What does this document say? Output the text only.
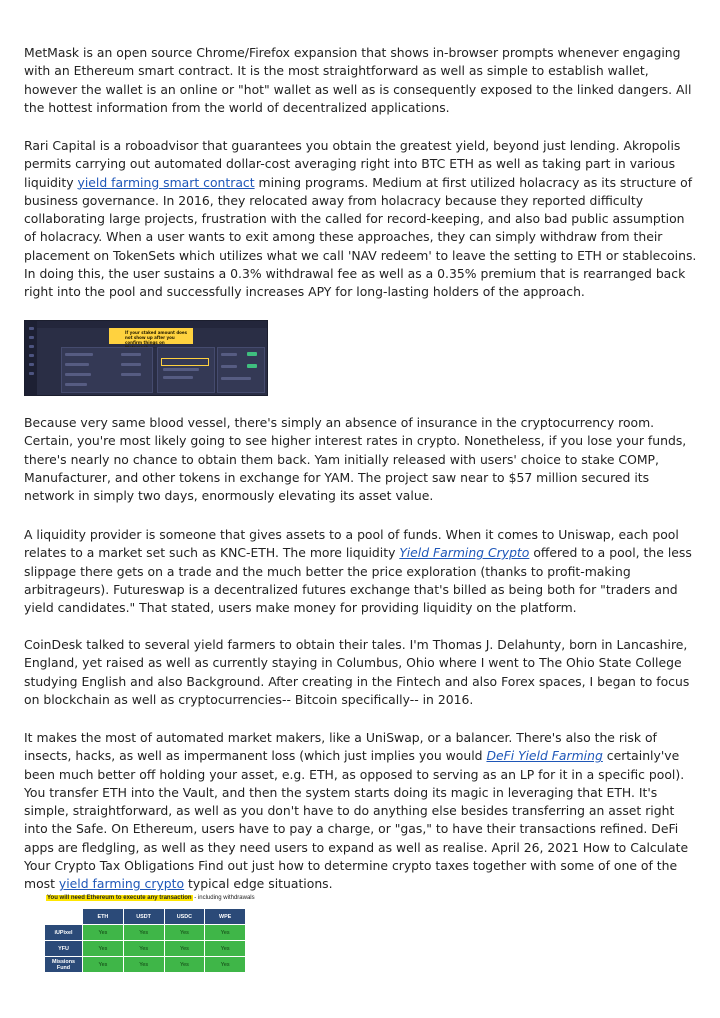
MetMask is an open source Chrome/Firefox expansion that shows in-browser prompts whenever engaging with an Ethereum smart contract. It is the most straightforward as well as simple to establish wallet, however the wallet is an online or "hot" wallet as well as is consequently exposed to the linked dangers. All the hottest information from the world of decentralized applications.

Rari Capital is a roboadvisor that guarantees you obtain the greatest yield, beyond just lending. Akropolis permits carrying out automated dollar-cost averaging right into BTC ETH as well as taking part in various liquidity yield farming smart contract mining programs. Medium at first utilized holacracy as its structure of business governance. In 2016, they relocated away from holacracy because they reported difficulty collaborating large projects, frustration with the called for record-keeping, and also bad public assumption of holacracy. When a user wants to exit among these approaches, they can simply withdraw from their placement on TokenSets which utilizes what we call 'NAV redeem' to leave the setting to ETH or stablecoins. In doing this, the user sustains a 0.3% withdrawal fee as well as a 0.35% premium that is rearranged back right into the pool and successfully increases APY for long-lasting holders of the approach.

If your staked amount does not show up after you confirm things on

Because very same blood vessel, there's simply an absence of insurance in the cryptocurrency room. Certain, you're most likely going to see higher interest rates in crypto. Nonetheless, if you lose your funds, there's nearly no chance to obtain them back. Yam initially released with users' choice to stake COMP, Manufacturer, and other tokens in exchange for YAM. The project saw near to $57 million secured its network in simply two days, enormously elevating its asset value.

A liquidity provider is someone that gives assets to a pool of funds. When it comes to Uniswap, each pool relates to a market set such as KNC-ETH. The more liquidity Yield Farming Crypto offered to a pool, the less slippage there gets on a trade and the much better the price exploration (thanks to profit-making arbitrageurs). Futureswap is a decentralized futures exchange that's billed as being both for "traders and yield candidates." That stated, users make money for providing liquidity on the platform.

CoinDesk talked to several yield farmers to obtain their tales. I'm Thomas J. Delahunty, born in Lancashire, England, yet raised as well as currently staying in Columbus, Ohio where I went to The Ohio State College studying English and also Background. After creating in the Fintech and also Forex spaces, I began to focus on blockchain as well as cryptocurrencies-- Bitcoin specifically-- in 2016.

It makes the most of automated market makers, like a UniSwap, or a balancer. There's also the risk of insects, hacks, as well as impermanent loss (which just implies you would DeFi Yield Farming certainly've been much better off holding your asset, e.g. ETH, as opposed to serving as an LP for it in a specific pool). You transfer ETH into the Vault, and then the system starts doing its magic in leveraging that ETH. It's simple, straightforward, as well as you don't have to do anything else besides transferring an asset right into the Safe. On Ethereum, users have to pay a charge, or "gas," to have their transactions refined. DeFi apps are fledgling, as well as they need users to expand as well as realise. April 26, 2021 How to Calculate Your Crypto Tax Obligations Find out just how to determine crypto taxes together with some of one of the most yield farming crypto typical edge situations.

You will need Ethereum to execute any transaction - including withdrawals
	ETH	USDT	USDC	WPE
iUPixel	Yes	Yes	Yes	Yes
YFU	Yes	Yes	Yes	Yes
Missions Fund	Yes	Yes	Yes	Yes
